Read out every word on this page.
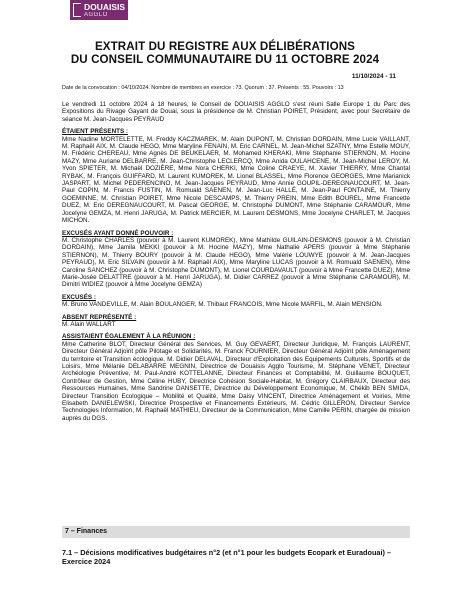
DOUAISIS
AGGLO
EXTRAIT DU REGISTRE AUX DÉLIBÉRATIONS
DU CONSEIL COMMUNAUTAIRE DU 11 OCTOBRE 2024
11/10/2024 - 11
Date de la convocation : 04/10/2024. Nombre de membres en exercice : 73. Quorum : 37. Présents : 55. Pouvoirs : 13

Le vendredi 11 octobre 2024 à 18 heures, le Conseil de DOUAISIS AGGLO s'est réuni Salle Europe 1 du Parc des Expositions du Rivage Gayant de Douai, sous la présidence de M. Christian POIRET, Président, avec pour Secrétaire de séance M. Jean-Jacques PEYRAUD

ÉTAIENT PRÉSENTS :

Mme Nadine MORTELETTE, M. Freddy KACZMAREK, M. Alain DUPONT, M. Christian DORDAIN, Mme Lucie VAILLANT, M. Raphaël AIX, M. Claude HEGO, Mme Maryline FENAIN, M. Eric CARNEL, M. Jean-Michel SZATNY, Mme Estelle MOUY, M. Frédéric CHEREAU, Mme Agnès DE BEUKELAER, M. Mohamed KHERAKI, Mme Stéphanie STIERNON, M. Hocine MAZY, Mme Auriane DELBARRE, M. Jean-Christophe LECLERCQ, Mme Anida OULAHCENE, M. Jean-Michel LEROY, M. Yvon SPIETER, M. Michaël DOZIÈRE, Mme Nora CHERKI, Mme Coline CRAEYE, M. Xavier THIERRY, Mme Chantal RYBAK, M. François GUIFFARD, M. Laurent KUMOREK, M. Lionel BLASSEL, Mme Florence GEORGES, Mme Marianick JASPART, M. Michel PEDERENCINO, M. Jean-Jacques PEYRAUD, Mme Annie GOUPIL-DEREGNAUCOURT, M. Jean-Paul COPIN, M. Francis FUSTIN, M. Romuald SAENEN, M. Jean-Luc HALLÉ, M. Jean-Paul FONTAINE, M. Thierry GOEMINNE, M. Christian POIRET, Mme Nicole DESCAMPS, M. Thierry PREIN, Mme Edith BOUREL, Mme Francette DUEZ, M. Eric DEREGNAUCOURT, M. Pascal GEORGE, M. Christophe DUMONT, Mme Stéphanie CARAMOUR, Mme Jocelyne GEMZA, M. Henri JARUGA, M. Patrick MERCIER, M. Laurent DESMONS, Mme Jocelyne CHARLET, M. Jacques MICHON.

EXCUSÉS AYANT DONNÉ POUVOIR :

M. Christophe CHARLES (pouvoir à M. Laurent KUMOREK), Mme Mathilde GUILAIN-DESMONS (pouvoir à M. Christian DORDAIN), Mme Jamila MEKKI (pouvoir à M. Hocine MAZY), Mme Nathalie APERS (pouvoir à Mme Stéphanie STIERNON), M. Thierry BOURY (pouvoir à M. Claude HEGO), Mme Valérie LOUWYE (pouvoir à M. Jean-Jacques PEYRAUD), M. Eric SILVAIN (pouvoir à M. Raphaël AIX), Mme Maryline LUCAS (pouvoir à M. Romuald SAENEN), Mme Caroline SANCHEZ (pouvoir à M. Christophe DUMONT), M. Lionel COURDAVAULT (pouvoir à Mme Francette DUEZ), Mme Marie-Josée DELATTRE (pouvoir à M. Henri JARUGA), M. Didier CARREZ (pouvoir à Mme Stéphanie CARAMOUR), M. Dimitri WIDIEZ (pouvoir à Mme Jocelyne GEMZA)

EXCUSÉS :

M. Bruno VANDEVILLE, M. Alain BOULANGER, M. Thibaut FRANCOIS, Mme Nicole MARFIL, M. Alain MENSION.

ABSENT REPRÉSENTÉ :

M. Alain WALLART

ASSISTAIENT ÉGALEMENT À LA RÉUNION :

Mme Catherine BLOT, Directeur Général des Services, M. Guy GEVAERT, Directeur Juridique, M. François LAURENT, Directeur Général Adjoint pôle Pilotage et Solidarités, M. Franck FOURNIER, Directeur Général Adjoint pôle Aménagement du territoire et Transition écologique, M. Didier DELAVAL, Directeur d'Exploitation des Equipements Culturels, Sportifs et de Loisirs, Mme Mélanie DELABARRE MEGNIN, Directrice de Douaisis Agglo Tourisme, M. Stéphane VENET, Directeur Archéologie Préventive, M. Paul-André KOTTELANNE, Directeur Finances et Comptabilité, M. Guillaume BOUQUET, Contrôleur de Gestion, Mme Céline HUBY, Directrice Cohésion Sociale-Habitat, M. Grégory CLAIRBAUX, Directeur des Ressources Humaines, Mme Sandrine DANSETTE, Directrice du Développement Economique, M. Chékib BEN SMIDA, Directeur Transition Ecologique – Mobilité et Qualité, Mme Daisy VINCENT, Directrice Aménagement et Voiries, Mme Elisabeth DANIELEWSKI, Directrice Prospective et Financements Extérieurs, M. Cédric GILLERON, Directeur Service Technologies Information, M. Raphaël MATHIEU, Directeur de la Communication, Mme Camille PERIN, chargée de mission auprès du DGS.

7 – Finances
7.1 – Décisions modificatives budgétaires n°2 (et n°1 pour les budgets Ecopark et Euradouai) – Exercice 2024
